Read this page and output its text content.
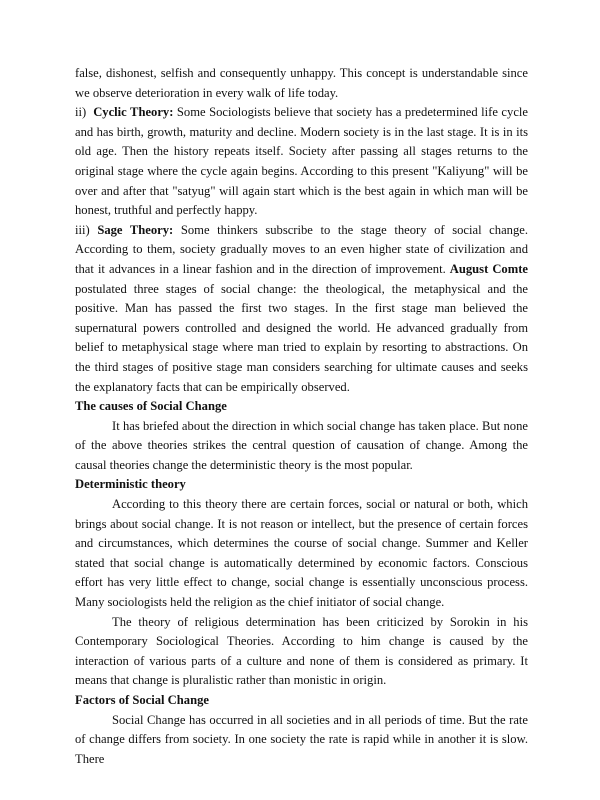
false, dishonest, selfish and consequently unhappy. This concept is understandable since we observe deterioration in every walk of life today.

ii) Cyclic Theory: Some Sociologists believe that society has a predetermined life cycle and has birth, growth, maturity and decline. Modern society is in the last stage. It is in its old age. Then the history repeats itself. Society after passing all stages returns to the original stage where the cycle again begins. According to this present "Kaliyung" will be over and after that "satyug" will again start which is the best again in which man will be honest, truthful and perfectly happy.

iii) Sage Theory: Some thinkers subscribe to the stage theory of social change. According to them, society gradually moves to an even higher state of civilization and that it advances in a linear fashion and in the direction of improvement. August Comte postulated three stages of social change: the theological, the metaphysical and the positive. Man has passed the first two stages. In the first stage man believed the supernatural powers controlled and designed the world. He advanced gradually from belief to metaphysical stage where man tried to explain by resorting to abstractions. On the third stages of positive stage man considers searching for ultimate causes and seeks the explanatory facts that can be empirically observed.

The causes of Social Change

It has briefed about the direction in which social change has taken place. But none of the above theories strikes the central question of causation of change. Among the causal theories change the deterministic theory is the most popular.

Deterministic theory

According to this theory there are certain forces, social or natural or both, which brings about social change. It is not reason or intellect, but the presence of certain forces and circumstances, which determines the course of social change. Summer and Keller stated that social change is automatically determined by economic factors. Conscious effort has very little effect to change, social change is essentially unconscious process. Many sociologists held the religion as the chief initiator of social change.

The theory of religious determination has been criticized by Sorokin in his Contemporary Sociological Theories. According to him change is caused by the interaction of various parts of a culture and none of them is considered as primary. It means that change is pluralistic rather than monistic in origin.

Factors of Social Change

Social Change has occurred in all societies and in all periods of time. But the rate of change differs from society. In one society the rate is rapid while in another it is slow. There
